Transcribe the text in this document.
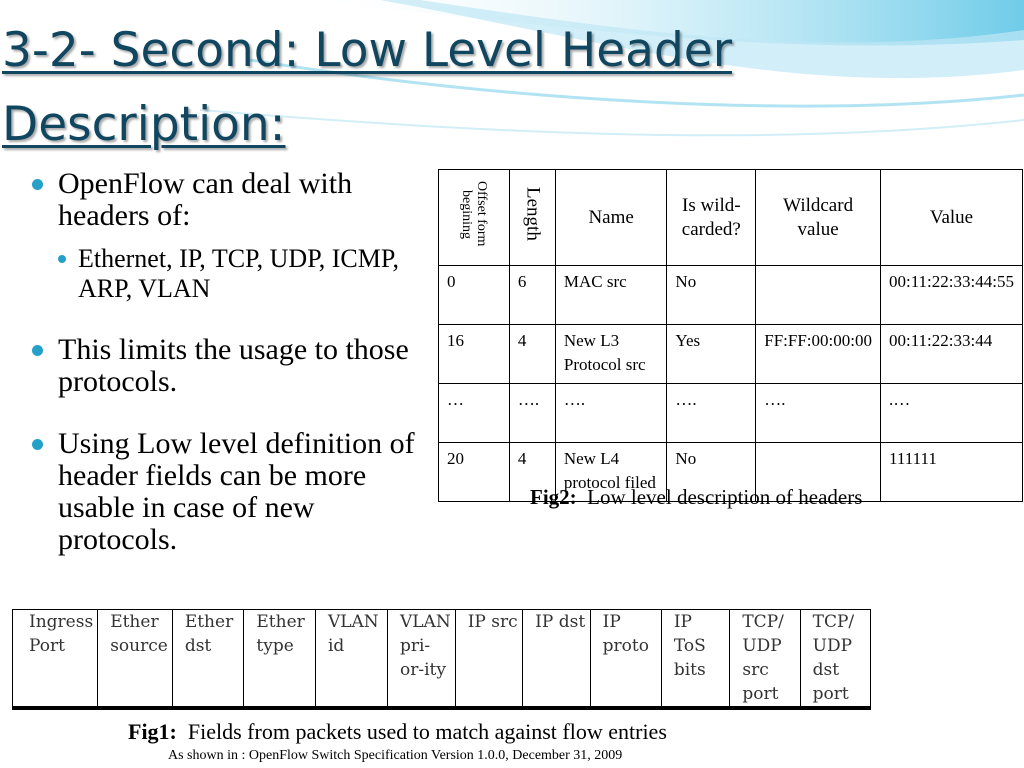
3-2- Second: Low Level Header Description:
OpenFlow can deal with headers of:
Ethernet, IP, TCP, UDP, ICMP, ARP, VLAN
This limits the usage to those protocols.
Using Low level definition of header fields can be more usable in case of new protocols.
Offset form begining	Length	Name	Is wild-carded?	Wildcard value	Value
0	6	MAC src	No		00:11:22:33:44:55
16	4	New L3 Protocol src	Yes	FF:FF:00:00:00	00:11:22:33:44
…	….	….	….	….	.…
20	4	New L4 protocol filed	No		111111
Fig2: Low level description of headers
Ingress Port	Ether source	Ether dst	Ether type	VLAN id	VLAN pri-or-ity	IP src	IP dst	IP proto	IP ToS bits	TCP/ UDP src port	TCP/ UDP dst port
Fig1: Fields from packets used to match against flow entries
As shown in : OpenFlow Switch Specification Version 1.0.0, December 31, 2009
